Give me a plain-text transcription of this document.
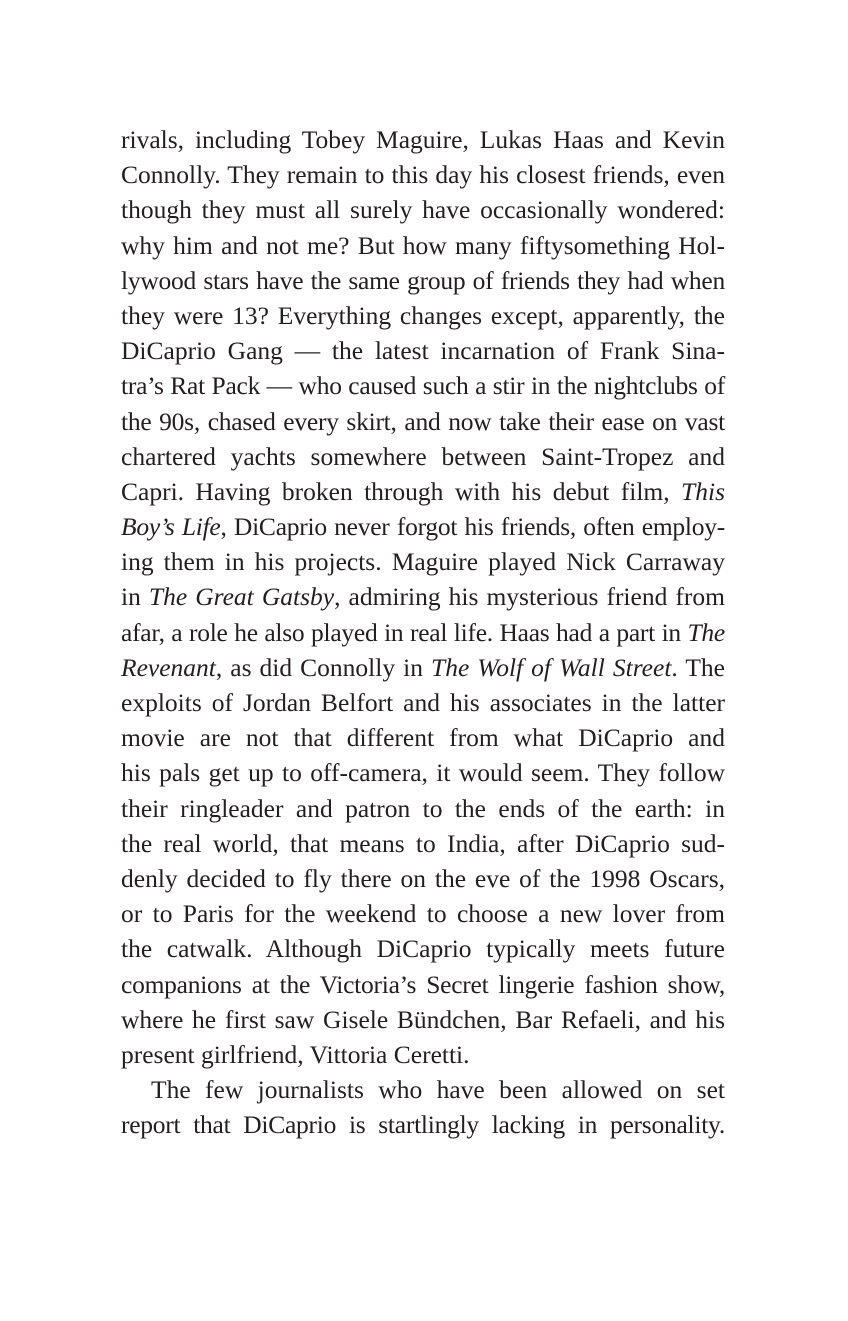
rivals, including Tobey Maguire, Lukas Haas and Kevin
Connolly. They remain to this day his closest friends, even
though they must all surely have occasionally wondered:
why him and not me? But how many fiftysomething Hol-
lywood stars have the same group of friends they had when
they were 13? Everything changes except, apparently, the
DiCaprio Gang — the latest incarnation of Frank Sina-
tra’s Rat Pack — who caused such a stir in the nightclubs of
the 90s, chased every skirt, and now take their ease on vast
chartered yachts somewhere between Saint-Tropez and
Capri. Having broken through with his debut film, This
Boy’s Life, DiCaprio never forgot his friends, often employ-
ing them in his projects. Maguire played Nick Carraway
in The Great Gatsby, admiring his mysterious friend from
afar, a role he also played in real life. Haas had a part in The
Revenant, as did Connolly in The Wolf of Wall Street. The
exploits of Jordan Belfort and his associates in the latter
movie are not that different from what DiCaprio and
his pals get up to off-camera, it would seem. They follow
their ringleader and patron to the ends of the earth: in
the real world, that means to India, after DiCaprio sud-
denly decided to fly there on the eve of the 1998 Oscars,
or to Paris for the weekend to choose a new lover from
the catwalk. Although DiCaprio typically meets future
companions at the Victoria’s Secret lingerie fashion show,
where he first saw Gisele Bündchen, Bar Refaeli, and his
present girlfriend, Vittoria Ceretti.
The few journalists who have been allowed on set
report that DiCaprio is startlingly lacking in personality.
